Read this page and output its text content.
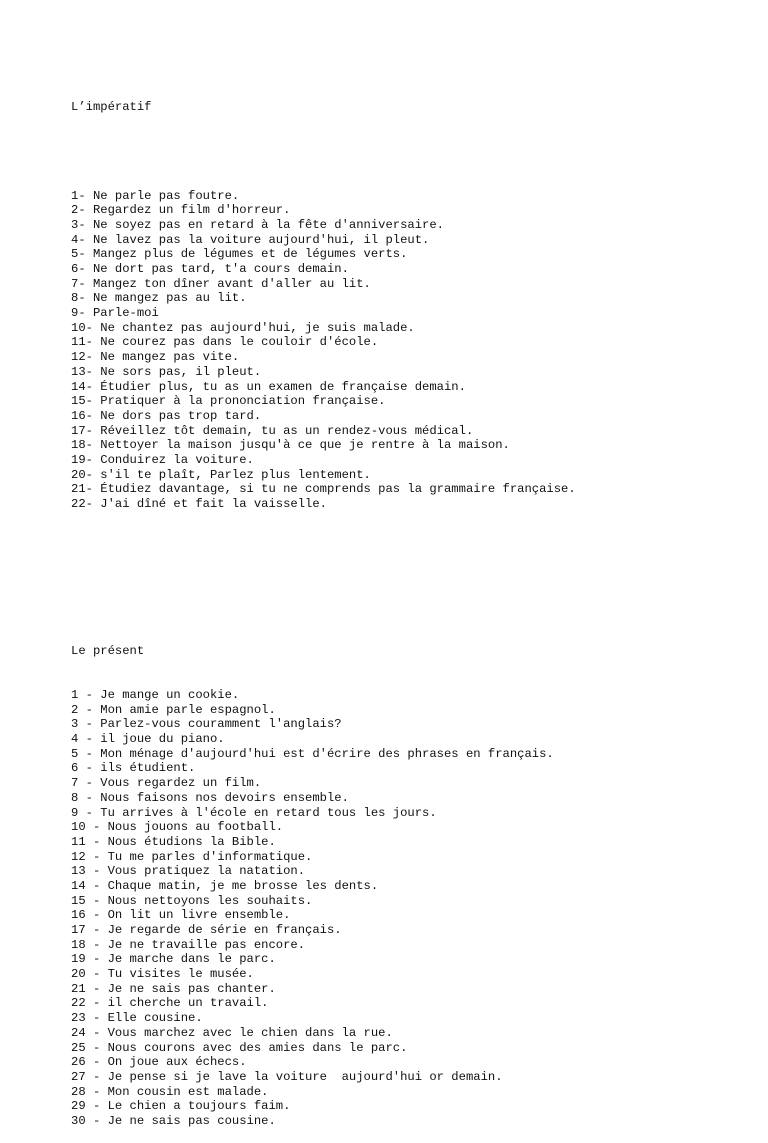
L’impératif

1- Ne parle pas foutre.
2- Regardez un film d'horreur.
3- Ne soyez pas en retard à la fête d'anniversaire.
4- Ne lavez pas la voiture aujourd'hui, il pleut.
5- Mangez plus de légumes et de légumes verts.
6- Ne dort pas tard, t'a cours demain.
7- Mangez ton dîner avant d'aller au lit.
8- Ne mangez pas au lit.
9- Parle-moi
10- Ne chantez pas aujourd'hui, je suis malade.
11- Ne courez pas dans le couloir d'école.
12- Ne mangez pas vite.
13- Ne sors pas, il pleut.
14- Étudier plus, tu as un examen de française demain.
15- Pratiquer à la prononciation française.
16- Ne dors pas trop tard.
17- Réveillez tôt demain, tu as un rendez-vous médical.
18- Nettoyer la maison jusqu'à ce que je rentre à la maison.
19- Conduirez la voiture.
20- s'il te plaît, Parlez plus lentement.
21- Étudiez davantage, si tu ne comprends pas la grammaire française.
22- J'ai dîné et fait la vaisselle.

Le présent

1 - Je mange un cookie.
2 - Mon amie parle espagnol.
3 - Parlez-vous couramment l'anglais?
4 - il joue du piano.
5 - Mon ménage d'aujourd'hui est d'écrire des phrases en français.
6 - ils étudient.
7 - Vous regardez un film.
8 - Nous faisons nos devoirs ensemble.
9 - Tu arrives à l'école en retard tous les jours.
10 - Nous jouons au football.
11 - Nous étudions la Bible.
12 - Tu me parles d'informatique.
13 - Vous pratiquez la natation.
14 - Chaque matin, je me brosse les dents.
15 - Nous nettoyons les souhaits.
16 - On lit un livre ensemble.
17 - Je regarde de série en français.
18 - Je ne travaille pas encore.
19 - Je marche dans le parc.
20 - Tu visites le musée.
21 - Je ne sais pas chanter.
22 - il cherche un travail.
23 - Elle cousine.
24 - Vous marchez avec le chien dans la rue.
25 - Nous courons avec des amies dans le parc.
26 - On joue aux échecs.
27 - Je pense si je lave la voiture  aujourd'hui or demain.
28 - Mon cousin est malade.
29 - Le chien a toujours faim.
30 - Je ne sais pas cousine.
